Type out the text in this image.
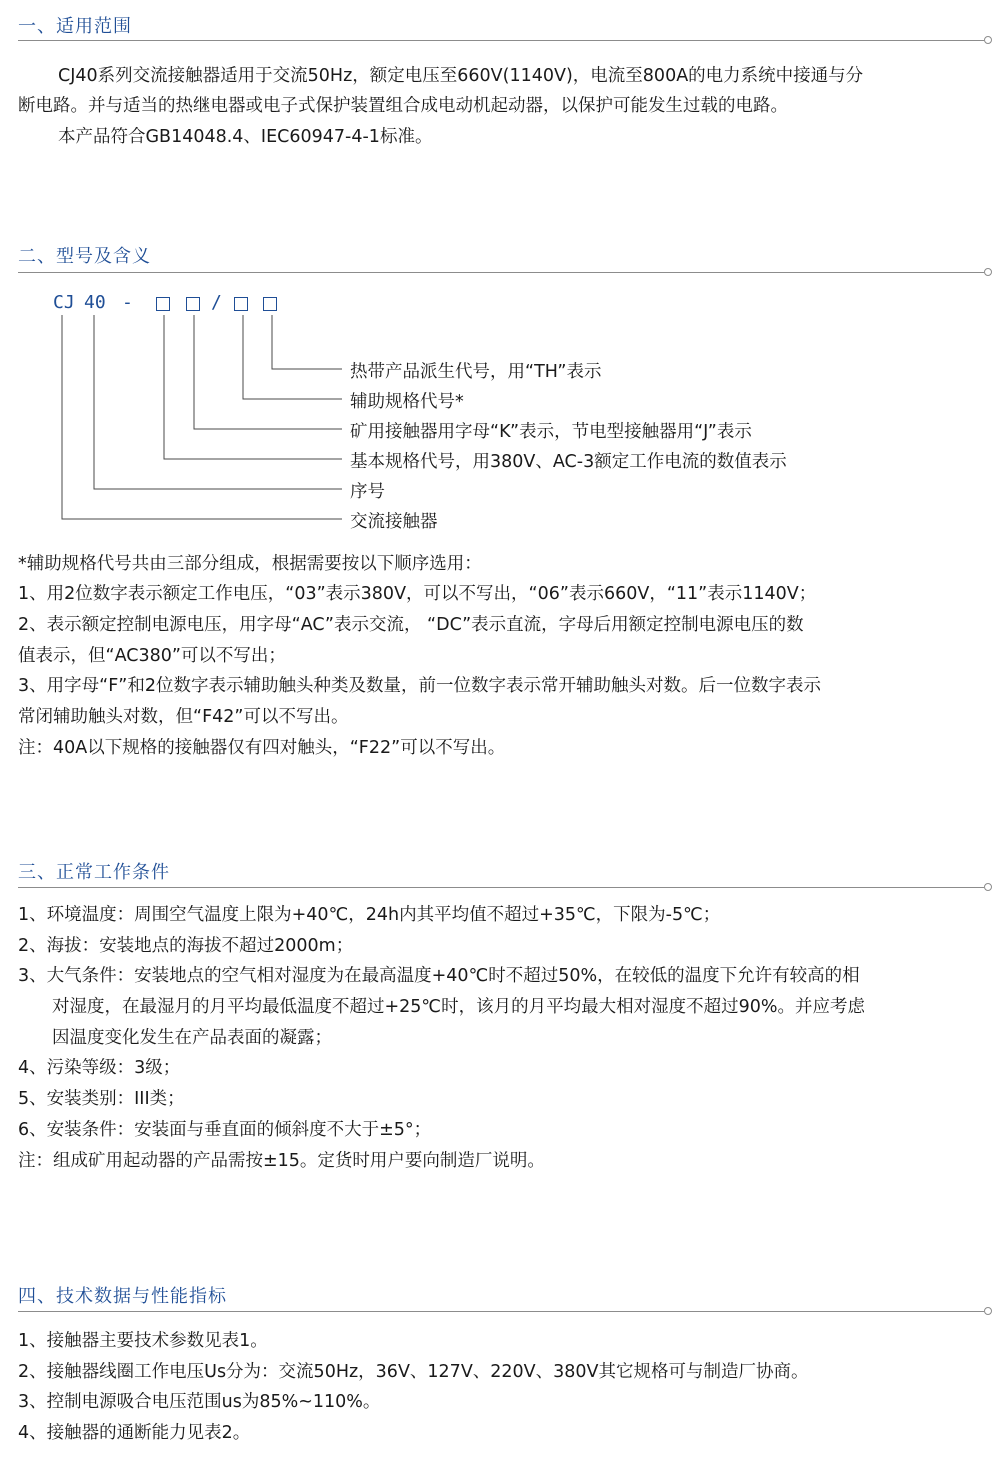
一、适用范围

CJ40系列交流接触器适用于交流50Hz，额定电压至660V(1140V)，电流至800A的电力系统中接通与分

断电路。并与适当的热继电器或电子式保护装置组合成电动机起动器，以保护可能发生过载的电路。

本产品符合GB14048.4、IEC60947-4-1标准。

二、型号及含义
CJ 40 -	/
热带产品派生代号，用“TH”表示
辅助规格代号*
矿用接触器用字母“K”表示，节电型接触器用“J”表示
基本规格代号，用380V、AC-3额定工作电流的数值表示
序号
交流接触器

*辅助规格代号共由三部分组成，根据需要按以下顺序选用：

1、用2位数字表示额定工作电压，“03”表示380V，可以不写出，“06”表示660V，“11”表示1140V；

2、表示额定控制电源电压，用字母“AC”表示交流， “DC”表示直流，字母后用额定控制电源电压的数

值表示，但“AC380”可以不写出；

3、用字母“F”和2位数字表示辅助触头种类及数量，前一位数字表示常开辅助触头对数。后一位数字表示

常闭辅助触头对数，但“F42”可以不写出。

注：40A以下规格的接触器仅有四对触头，“F22”可以不写出。

三、正常工作条件

1、环境温度：周围空气温度上限为+40℃，24h内其平均值不超过+35℃，下限为-5℃；

2、海拔：安装地点的海拔不超过2000m；

3、大气条件：安装地点的空气相对湿度为在最高温度+40℃时不超过50%，在较低的温度下允许有较高的相

对湿度，在最湿月的月平均最低温度不超过+25℃时，该月的月平均最大相对湿度不超过90%。并应考虑

因温度变化发生在产品表面的凝露；

4、污染等级：3级；

5、安装类别：III类；

6、安装条件：安装面与垂直面的倾斜度不大于±5°；

注：组成矿用起动器的产品需按±15。定货时用户要向制造厂说明。

四、技术数据与性能指标

1、接触器主要技术参数见表1。

2、接触器线圈工作电压Us分为：交流50Hz，36V、127V、220V、380V其它规格可与制造厂协商。

3、控制电源吸合电压范围us为85%~110%。

4、接触器的通断能力见表2。
